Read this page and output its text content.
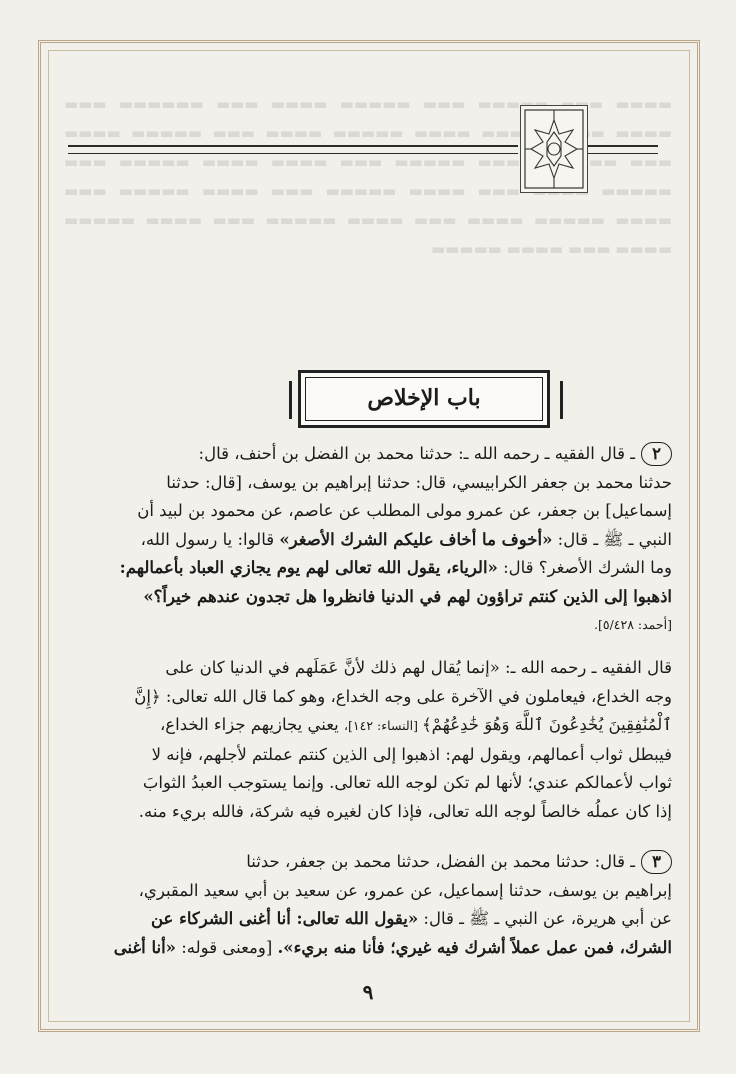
▬▬▬▬ ▬▬▬ ▬▬▬▬▬ ▬▬▬ ▬▬▬▬▬ ▬▬▬▬ ▬▬▬ ▬▬▬▬▬▬ ▬▬▬ ▬▬▬▬ ▬▬▬▬▬ ▬▬▬ ▬▬▬▬ ▬▬▬▬▬ ▬▬▬▬ ▬▬▬ ▬▬▬▬▬ ▬▬▬▬ ▬▬▬ ▬▬▬▬▬ ▬▬▬▬ ▬▬▬▬▬ ▬▬▬ ▬▬▬▬ ▬▬▬▬ ▬▬▬▬▬ ▬▬▬ ▬▬▬▬▬ ▬▬▬▬ ▬▬▬ ▬▬▬▬ ▬▬▬▬▬ ▬▬▬ ▬▬▬▬ ▬▬▬▬▬ ▬▬▬ ▬▬▬▬ ▬▬▬▬▬ ▬▬▬▬ ▬▬▬ ▬▬▬▬ ▬▬▬▬▬ ▬▬▬ ▬▬▬▬ ▬▬▬▬▬ ▬▬▬▬ ▬▬▬ ▬▬▬▬ ▬▬▬▬▬
باب الإخلاص
٢ـ قال الفقيه ـ رحمه الله ـ: حدثنا محمد بن الفضل بن أحنف، قال:
حدثنا محمد بن جعفر الكرابيسي، قال: حدثنا إبراهيم بن يوسف، [قال: حدثنا
إسماعيل] بن جعفر، عن عمرو مولى المطلب عن عاصم، عن محمود بن لبيد أن
النبي ـ ﷺ ـ قال: «أخوف ما أخاف عليكم الشرك الأصغر» قالوا: يا رسول الله،
وما الشرك الأصغر؟ قال: «الرياء، يقول الله تعالى لهم يوم يجازي العباد بأعمالهم:
اذهبوا إلى الذين كنتم تراؤون لهم في الدنيا فانظروا هل تجدون عندهم خيراً؟»
[أحمد: ٥/٤٢٨].
قال الفقيه ـ رحمه الله ـ: «إنما يُقال لهم ذلك لأنَّ عَمَلَهم في الدنيا كان على
وجه الخداع، فيعاملون في الآخرة على وجه الخداع، وهو كما قال الله تعالى: ﴿إِنَّ
ٱلْمُنَٰفِقِينَ يُخَٰدِعُونَ ٱللَّهَ وَهُوَ خَٰدِعُهُمْ﴾ [النساء: ١٤٢]، يعني يجازيهم جزاء الخداع،
فيبطل ثواب أعمالهم، ويقول لهم: اذهبوا إلى الذين كنتم عملتم لأجلهم، فإنه لا
ثواب لأعمالكم عندي؛ لأنها لم تكن لوجه الله تعالى. وإنما يستوجب العبدُ الثوابَ
إذا كان عملُه خالصاً لوجه الله تعالى، فإذا كان لغيره فيه شركة، فالله بريء منه.
٣ـ قال: حدثنا محمد بن الفضل، حدثنا محمد بن جعفر، حدثنا
إبراهيم بن يوسف، حدثنا إسماعيل، عن عمرو، عن سعيد بن أبي سعيد المقبري،
عن أبي هريرة، عن النبي ـ ﷺ ـ قال: «يقول الله تعالى: أنا أغنى الشركاء عن
الشرك، فمن عمل عملاً أشرك فيه غيري؛ فأنا منه بريء». [ومعنى قوله: «أنا أغنى
٩
